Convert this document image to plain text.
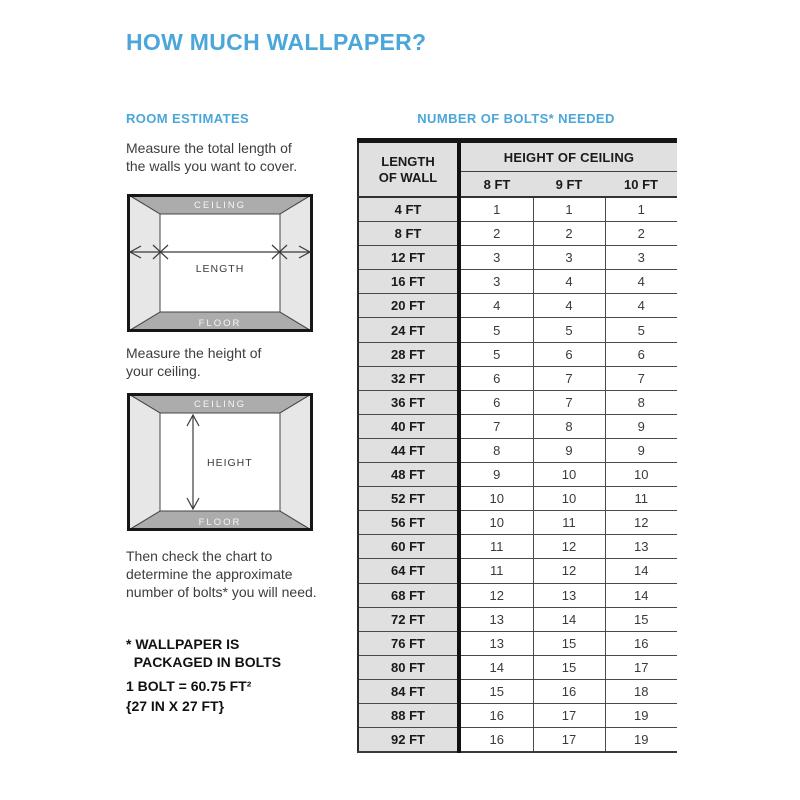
HOW MUCH WALLPAPER?
ROOM ESTIMATES

Measure the total length of
the walls you want to cover.

CEILING
FLOOR
LENGTH

Measure the height of
your ceiling.

CEILING
FLOOR
HEIGHT

Then check the chart to
determine the approximate
number of bolts* you will need.

* WALLPAPER IS
PACKAGED IN BOLTS

1 BOLT = 60.75 FT²
{27 IN X 27 FT}

NUMBER OF BOLTS* NEEDED
LENGTH
OF WALL	HEIGHT OF CEILING		
	8 FT	9 FT	10 FT
4 FT	1	1	1
8 FT	2	2	2
12 FT	3	3	3
16 FT	3	4	4
20 FT	4	4	4
24 FT	5	5	5
28 FT	5	6	6
32 FT	6	7	7
36 FT	6	7	8
40 FT	7	8	9
44 FT	8	9	9
48 FT	9	10	10
52 FT	10	10	11
56 FT	10	11	12
60 FT	11	12	13
64 FT	11	12	14
68 FT	12	13	14
72 FT	13	14	15
76 FT	13	15	16
80 FT	14	15	17
84 FT	15	16	18
88 FT	16	17	19
92 FT	16	17	19
